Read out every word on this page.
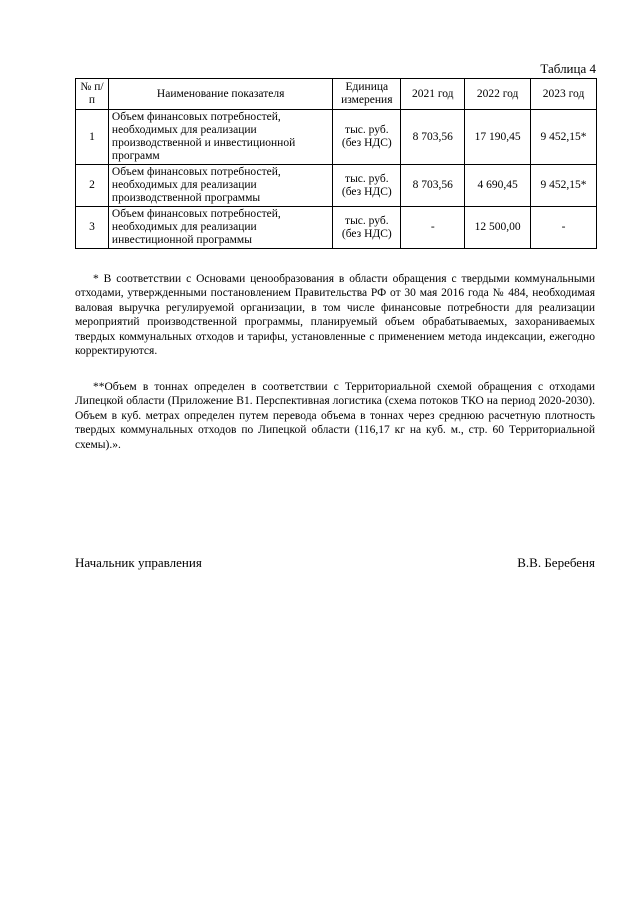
Таблица 4
№ п/п	Наименование показателя	Единица измерения	2021 год	2022 год	2023 год
1	Объем финансовых потребностей, необходимых для реализации производственной и инвестиционной программ	тыс. руб. (без НДС)	8 703,56	17 190,45	9 452,15*
2	Объем финансовых потребностей, необходимых для реализации производственной программы	тыс. руб. (без НДС)	8 703,56	4 690,45	9 452,15*
3	Объем финансовых потребностей, необходимых для реализации инвестиционной программы	тыс. руб. (без НДС)	-	12 500,00	-

* В соответствии с Основами ценообразования в области обращения с твердыми коммунальными отходами, утвержденными постановлением Правительства РФ от 30 мая 2016 года № 484, необходимая валовая выручка регулируемой организации, в том числе финансовые потребности для реализации мероприятий производственной программы, планируемый объем обрабатываемых, захораниваемых твердых коммунальных отходов и тарифы, установленные с применением метода индексации, ежегодно корректируются.

**Объем в тоннах определен в соответствии с Территориальной схемой обращения с отходами Липецкой области (Приложение В1. Перспективная логистика (схема потоков ТКО на период 2020-2030). Объем в куб. метрах определен путем перевода объема в тоннах через среднюю расчетную плотность твердых коммунальных отходов по Липецкой области (116,17 кг на куб. м., стр. 60 Территориальной схемы).».

Начальник управления	В.В. Беребеня
